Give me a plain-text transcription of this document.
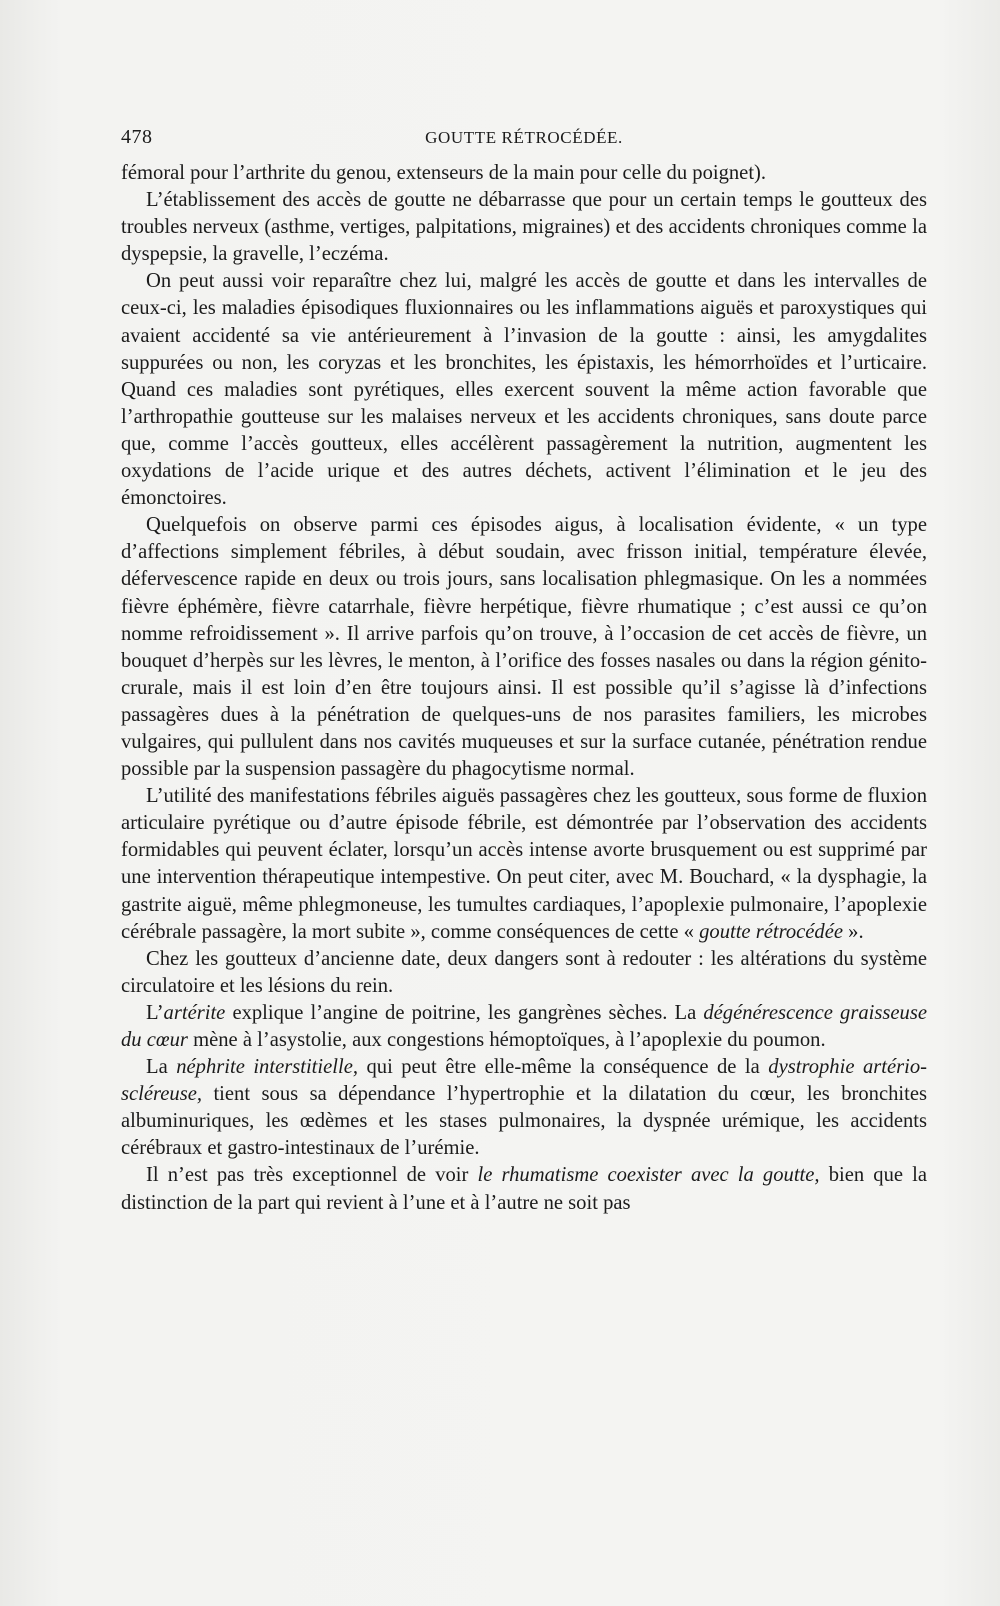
478	GOUTTE RÉTROCÉDÉE.

fémoral pour l’arthrite du genou, extenseurs de la main pour celle du poignet).

L’établissement des accès de goutte ne débarrasse que pour un certain temps le goutteux des troubles nerveux (asthme, vertiges, palpitations, migraines) et des accidents chroniques comme la dyspepsie, la gravelle, l’eczéma.

On peut aussi voir reparaître chez lui, malgré les accès de goutte et dans les intervalles de ceux-ci, les maladies épisodiques fluxionnaires ou les inflammations aiguës et paroxystiques qui avaient accidenté sa vie antérieurement à l’invasion de la goutte : ainsi, les amygdalites suppurées ou non, les coryzas et les bronchites, les épistaxis, les hémorrhoïdes et l’urticaire. Quand ces maladies sont pyrétiques, elles exercent souvent la même action favorable que l’arthropathie goutteuse sur les malaises nerveux et les accidents chroniques, sans doute parce que, comme l’accès goutteux, elles accélèrent passagèrement la nutrition, augmentent les oxydations de l’acide urique et des autres déchets, activent l’élimination et le jeu des émonctoires.

Quelquefois on observe parmi ces épisodes aigus, à localisation évidente, « un type d’affections simplement fébriles, à début soudain, avec frisson initial, température élevée, défervescence rapide en deux ou trois jours, sans localisation phlegmasique. On les a nommées fièvre éphémère, fièvre catarrhale, fièvre herpétique, fièvre rhumatique ; c’est aussi ce qu’on nomme refroidissement ». Il arrive parfois qu’on trouve, à l’occasion de cet accès de fièvre, un bouquet d’herpès sur les lèvres, le menton, à l’orifice des fosses nasales ou dans la région génito-crurale, mais il est loin d’en être toujours ainsi. Il est possible qu’il s’agisse là d’infections passagères dues à la pénétration de quelques-uns de nos parasites familiers, les microbes vulgaires, qui pullulent dans nos cavités muqueuses et sur la surface cutanée, pénétration rendue possible par la suspension passagère du phagocytisme normal.

L’utilité des manifestations fébriles aiguës passagères chez les goutteux, sous forme de fluxion articulaire pyrétique ou d’autre épisode fébrile, est démontrée par l’observation des accidents formidables qui peuvent éclater, lorsqu’un accès intense avorte brusquement ou est supprimé par une intervention thérapeutique intempestive. On peut citer, avec M. Bouchard, « la dysphagie, la gastrite aiguë, même phlegmoneuse, les tumultes cardiaques, l’apoplexie pulmonaire, l’apoplexie cérébrale passagère, la mort subite », comme conséquences de cette « goutte rétrocédée ».

Chez les goutteux d’ancienne date, deux dangers sont à redouter : les altérations du système circulatoire et les lésions du rein.

L’artérite explique l’angine de poitrine, les gangrènes sèches. La dégénérescence graisseuse du cœur mène à l’asystolie, aux congestions hémoptoïques, à l’apoplexie du poumon.

La néphrite interstitielle, qui peut être elle-même la conséquence de la dystrophie artério-scléreuse, tient sous sa dépendance l’hypertrophie et la dilatation du cœur, les bronchites albuminuriques, les œdèmes et les stases pulmonaires, la dyspnée urémique, les accidents cérébraux et gastro-intestinaux de l’urémie.

Il n’est pas très exceptionnel de voir le rhumatisme coexister avec la goutte, bien que la distinction de la part qui revient à l’une et à l’autre ne soit pas
